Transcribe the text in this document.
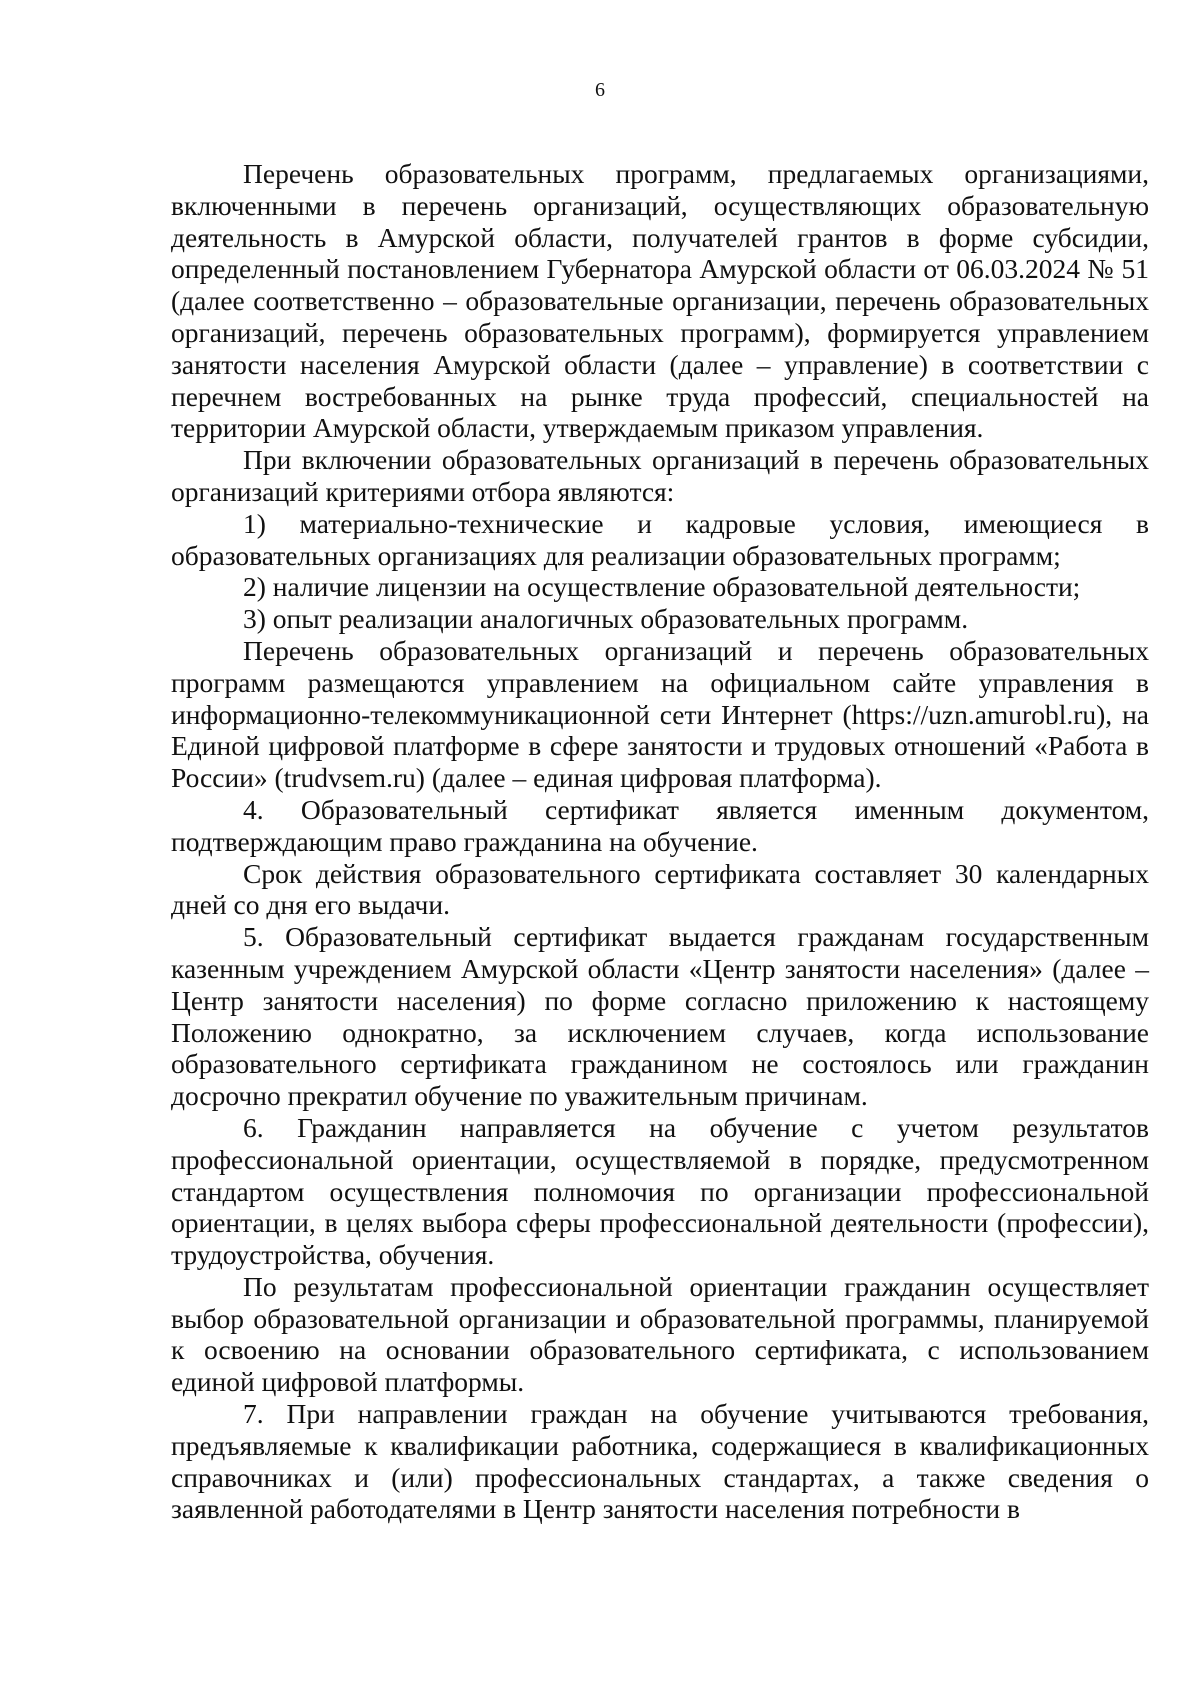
6

Перечень образовательных программ, предлагаемых организациями, включенными в перечень организаций, осуществляющих образовательную деятельность в Амурской области, получателей грантов в форме субсидии, определенный постановлением Губернатора Амурской области от 06.03.2024 № 51 (далее соответственно – образовательные организации, перечень образовательных организаций, перечень образовательных программ), формируется управлением занятости населения Амурской области (далее – управление) в соответствии с перечнем востребованных на рынке труда профессий, специальностей на территории Амурской области, утверждаемым приказом управления.

При включении образовательных организаций в перечень образовательных организаций критериями отбора являются:

1) материально-технические и кадровые условия, имеющиеся в образовательных организациях для реализации образовательных программ;

2) наличие лицензии на осуществление образовательной деятельности;

3) опыт реализации аналогичных образовательных программ.

Перечень образовательных организаций и перечень образовательных программ размещаются управлением на официальном сайте управления в информационно-телекоммуникационной сети Интернет (https://uzn.amurobl.ru), на Единой цифровой платформе в сфере занятости и трудовых отношений «Работа в России» (trudvsem.ru) (далее – единая цифровая платформа).

4. Образовательный сертификат является именным документом, подтверждающим право гражданина на обучение.

Срок действия образовательного сертификата составляет 30 календарных дней со дня его выдачи.

5. Образовательный сертификат выдается гражданам государственным казенным учреждением Амурской области «Центр занятости населения» (далее – Центр занятости населения) по форме согласно приложению к настоящему Положению однократно, за исключением случаев, когда использование образовательного сертификата гражданином не состоялось или гражданин досрочно прекратил обучение по уважительным причинам.

6. Гражданин направляется на обучение с учетом результатов профессиональной ориентации, осуществляемой в порядке, предусмотренном стандартом осуществления полномочия по организации профессиональной ориентации, в целях выбора сферы профессиональной деятельности (профессии), трудоустройства, обучения.

По результатам профессиональной ориентации гражданин осуществляет выбор образовательной организации и образовательной программы, планируемой к освоению на основании образовательного сертификата, с использованием единой цифровой платформы.

7. При направлении граждан на обучение учитываются требования, предъявляемые к квалификации работника, содержащиеся в квалификационных справочниках и (или) профессиональных стандартах, а также сведения о заявленной работодателями в Центр занятости населения потребности в
